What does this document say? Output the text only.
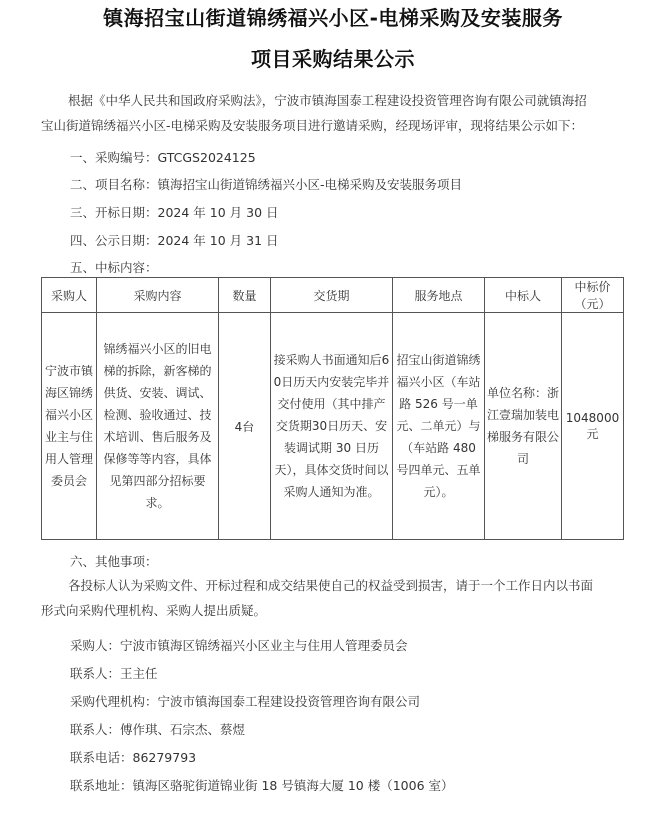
镇海招宝山街道锦绣福兴小区-电梯采购及安装服务
项目采购结果公示
根据《中华人民共和国政府采购法》，宁波市镇海国泰工程建设投资管理咨询有限公司就镇海招
宝山街道锦绣福兴小区-电梯采购及安装服务项目进行邀请采购，经现场评审，现将结果公示如下：
一、采购编号：GTCGS2024125
二、项目名称：镇海招宝山街道锦绣福兴小区-电梯采购及安装服务项目
三、开标日期：2024 年 10 月 30 日
四、公示日期：2024 年 10 月 31 日
五、中标内容：
采购人	采购内容	数量	交货期	服务地点	中标人	中标价（元）
宁波市镇海区锦绣福兴小区业主与住用人管理委员会	锦绣福兴小区的旧电梯的拆除，新客梯的供货、安装、调试、检测、验收通过、技术培训、售后服务及保修等等内容，具体见第四部分招标要求。	4台	接采购人书面通知后60日历天内安装完毕并交付使用（其中排产交货期30日历天、安装调试期 30 日历天），具体交货时间以采购人通知为准。	招宝山街道锦绣福兴小区（车站路 526 号一单元、二单元）与（车站路 480 号四单元、五单元）。	单位名称：浙江壹瑞加装电梯服务有限公司	1048000元
六、其他事项：
各投标人认为采购文件、开标过程和成交结果使自己的权益受到损害，请于一个工作日内以书面
形式向采购代理机构、采购人提出质疑。
采购人：宁波市镇海区锦绣福兴小区业主与住用人管理委员会
联系人：王主任
采购代理机构：宁波市镇海国泰工程建设投资管理咨询有限公司
联系人：傅作琪、石宗杰、蔡煜
联系电话：86279793
联系地址：镇海区骆驼街道锦业街 18 号镇海大厦 10 楼（1006 室）
